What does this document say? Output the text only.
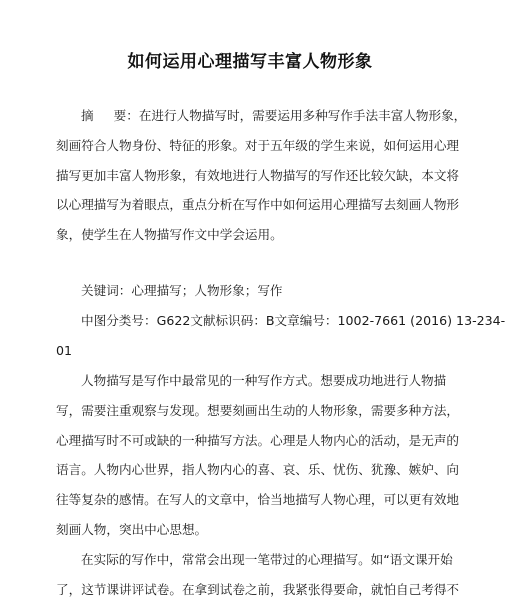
如何运用心理描写丰富人物形象
摘     要：在进行人物描写时，需要运用多种写作手法丰富人物形象，
刻画符合人物身份、特征的形象。对于五年级的学生来说，如何运用心理
描写更加丰富人物形象，有效地进行人物描写的写作还比较欠缺，本文将
以心理描写为着眼点，重点分析在写作中如何运用心理描写去刻画人物形
象，使学生在人物描写作文中学会运用。
关键词：心理描写；人物形象；写作
中图分类号：G622文献标识码：B文章编号：1002-7661 (2016) 13-234-
01
人物描写是写作中最常见的一种写作方式。想要成功地进行人物描
写，需要注重观察与发现。想要刻画出生动的人物形象，需要多种方法，
心理描写时不可或缺的一种描写方法。心理是人物内心的活动，是无声的
语言。人物内心世界，指人物内心的喜、哀、乐、忧伤、犹豫、嫉妒、向
往等复杂的感情。在写人的文章中，恰当地描写人物心理，可以更有效地
刻画人物，突出中心思想。
在实际的写作中，常常会出现一笔带过的心理描写。如“语文课开始
了，这节课讲评试卷。在拿到试卷之前，我紧张得要命，就怕自己考得不
